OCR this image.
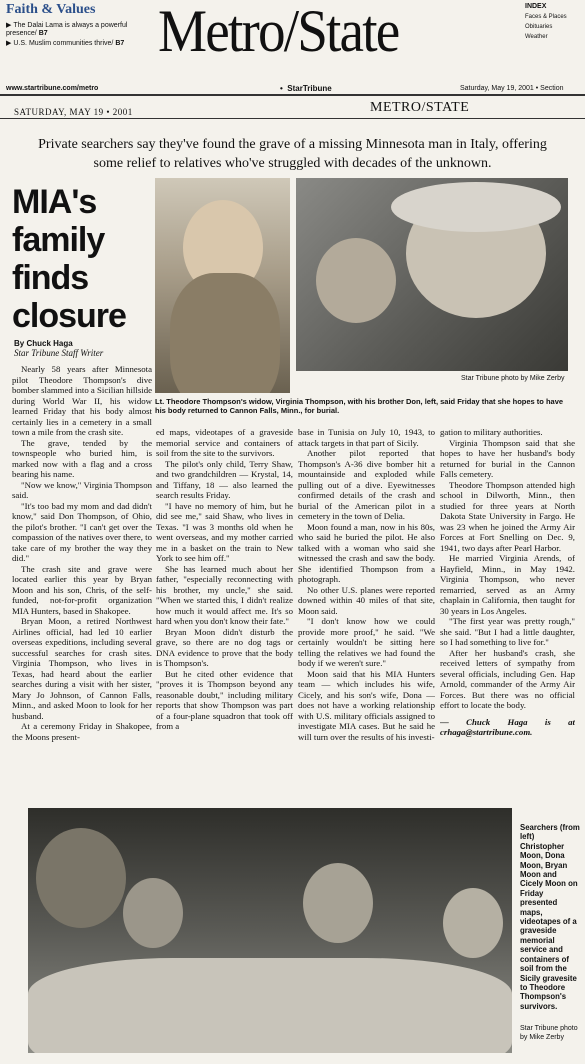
Faith & Values
▶ The Dalai Lama is always a powerful presence/ B7
▶ U.S. Muslim communities thrive/ B7 Metro/State	INDEX
Faces & Places
Obituaries
Weather
www.startribune.com/metro	• StarTribune	Saturday, May 19, 2001 • Section
SATURDAY, MAY 19 • 2001	METRO/STATE
Private searchers say they've found the grave of a missing Minnesota man in Italy, offering some relief to relatives who've struggled with decades of the unknown.
MIA's family finds closure
By Chuck Haga
Star Tribune Staff Writer
Star Tribune photo by Mike Zerby
Lt. Theodore Thompson's widow, Virginia Thompson, with his brother Don, left, said Friday that she hopes to have his body returned to Cannon Falls, Minn., for burial.

Nearly 58 years after Minnesota pilot Theodore Thompson's dive bomber slammed into a Sicilian hillside during World War II, his widow learned Friday that his body almost certainly lies in a cemetery in a small town a mile from the crash site.

The grave, tended by the townspeople who buried him, is marked now with a flag and a cross bearing his name.

"Now we know," Virginia Thompson said.

"It's too bad my mom and dad didn't know," said Don Thompson, of Ohio, the pilot's brother. "I can't get over the compassion of the natives over there, to take care of my brother the way they did."

The crash site and grave were located earlier this year by Bryan Moon and his son, Chris, of the self-funded, not-for-profit organization MIA Hunters, based in Shakopee.

Bryan Moon, a retired Northwest Airlines official, had led 10 earlier overseas expeditions, including several successful searches for crash sites. Virginia Thompson, who lives in Texas, had heard about the earlier searches during a visit with her sister, Mary Jo Johnson, of Cannon Falls, Minn., and asked Moon to look for her husband.

At a ceremony Friday in Shakopee, the Moons present-

ed maps, videotapes of a graveside memorial service and containers of soil from the site to the survivors.

The pilot's only child, Terry Shaw, and two grandchildren — Krystal, 14, and Tiffany, 18 — also learned the search results Friday.

"I have no memory of him, but he did see me," said Shaw, who lives in Texas. "I was 3 months old when he went overseas, and my mother carried me in a basket on the train to New York to see him off."

She has learned much about her father, "especially reconnecting with his brother, my uncle," she said. "When we started this, I didn't realize how much it would affect me. It's so hard when you don't know their fate."

Bryan Moon didn't disturb the grave, so there are no dog tags or DNA evidence to prove that the body is Thompson's.

But he cited other evidence that "proves it is Thompson beyond any reasonable doubt," including military reports that show Thompson was part of a four-plane squadron that took off from a

base in Tunisia on July 10, 1943, to attack targets in that part of Sicily.

Another pilot reported that Thompson's A-36 dive bomber hit a mountainside and exploded while pulling out of a dive. Eyewitnesses confirmed details of the crash and burial of the American pilot in a cemetery in the town of Delia.

Moon found a man, now in his 80s, who said he buried the pilot. He also talked with a woman who said she witnessed the crash and saw the body. She identified Thompson from a photograph.

No other U.S. planes were reported downed within 40 miles of that site, Moon said.

"I don't know how we could provide more proof," he said. "We certainly wouldn't be sitting here telling the relatives we had found the body if we weren't sure."

Moon said that his MIA Hunters team — which includes his wife, Cicely, and his son's wife, Dona — does not have a working relationship with U.S. military officials assigned to investigate MIA cases. But he said he will turn over the results of his investi-

gation to military authorities.

Virginia Thompson said that she hopes to have her husband's body returned for burial in the Cannon Falls cemetery.

Theodore Thompson attended high school in Dilworth, Minn., then studied for three years at North Dakota State University in Fargo. He was 23 when he joined the Army Air Forces at Fort Snelling on Dec. 9, 1941, two days after Pearl Harbor.

He married Virginia Arends, of Hayfield, Minn., in May 1942. Virginia Thompson, who never remarried, served as an Army chaplain in California, then taught for 30 years in Los Angeles.

"The first year was pretty rough," she said. "But I had a little daughter, so I had something to live for."

After her husband's crash, she received letters of sympathy from several officials, including Gen. Hap Arnold, commander of the Army Air Forces. But there was no official effort to locate the body.

— Chuck Haga is at crhaga@startribune.com.

Searchers (from left) Christopher Moon, Dona Moon, Bryan Moon and Cicely Moon on Friday presented maps, videotapes of a graveside memorial service and containers of soil from the Sicily gravesite to Theodore Thompson's survivors.
Star Tribune photo by Mike Zerby
